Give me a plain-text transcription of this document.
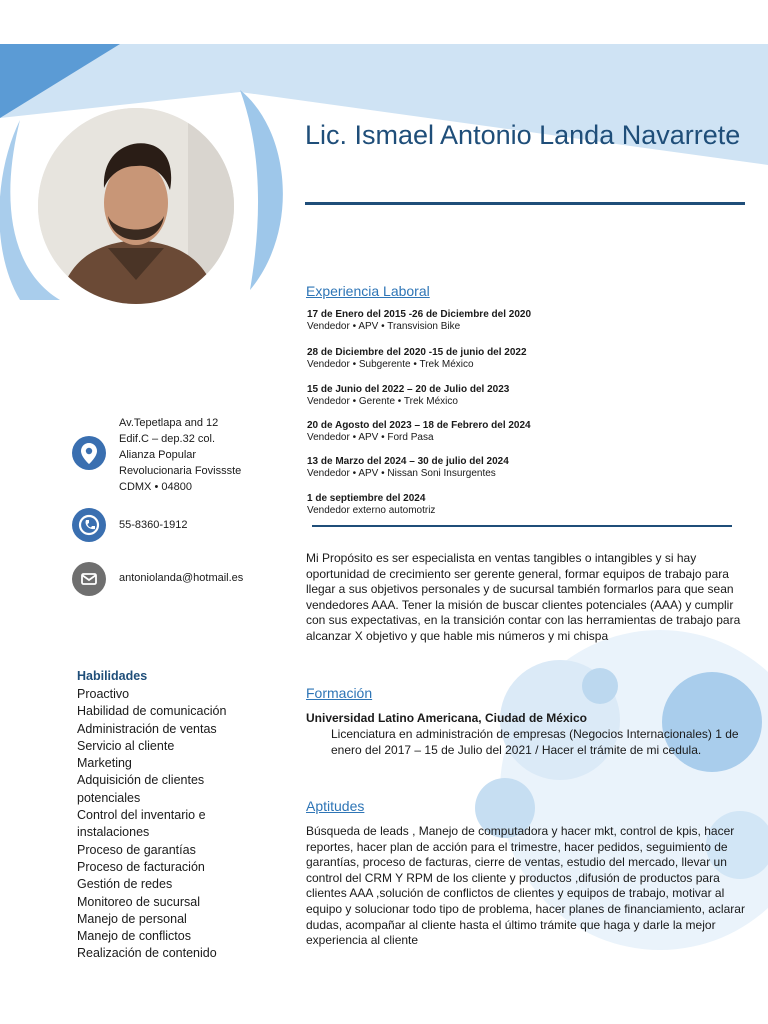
Lic. Ismael Antonio Landa Navarrete
Experiencia Laboral
17 de Enero del 2015 -26 de Diciembre del 2020
Vendedor • APV • Transvision Bike
28 de Diciembre del 2020 -15 de junio del 2022
Vendedor • Subgerente • Trek México
15 de Junio del 2022 – 20 de Julio del 2023
Vendedor • Gerente • Trek México
20 de Agosto del 2023 – 18 de Febrero del 2024
Vendedor • APV • Ford Pasa
13 de Marzo del 2024 – 30 de julio del 2024
Vendedor • APV • Nissan Soni Insurgentes
1 de septiembre del 2024
Vendedor externo automotriz
Mi Propósito es ser especialista en ventas tangibles o intangibles y si hay oportunidad de crecimiento ser gerente general, formar equipos de trabajo para llegar a sus objetivos personales y de sucursal también formarlos para que sean vendedores AAA. Tener la misión de buscar clientes potenciales (AAA) y cumplir con sus expectativas, en la transición contar con las herramientas de trabajo para alcanzar X objetivo y que hable mis números y mi chispa
Av.Tepetlapa and 12
Edif.C – dep.32 col.
Alianza Popular
Revolucionaria Fovissste
CDMX • 04800
55-8360-1912
antoniolanda@hotmail.es
Habilidades
Proactivo
Habilidad de comunicación
Administración de ventas
Servicio al cliente
Marketing
Adquisición de clientes potenciales
Control del inventario e instalaciones
Proceso de garantías
Proceso de facturación
Gestión de redes
Monitoreo de sucursal
Manejo de personal
Manejo de conflictos
Realización de contenido
Formación
Universidad Latino Americana, Ciudad de México
Licenciatura en administración de empresas (Negocios Internacionales) 1 de enero del 2017 – 15 de Julio del 2021 / Hacer el trámite de mi cedula.
Aptitudes
Búsqueda de leads , Manejo de computadora y hacer mkt, control de kpis, hacer reportes, hacer plan de acción para el trimestre, hacer pedidos, seguimiento de garantías, proceso de facturas, cierre de ventas, estudio del mercado, llevar un control del CRM Y RPM de los cliente y productos ,difusión de productos para clientes AAA ,solución de conflictos de clientes y equipos de trabajo, motivar al equipo y solucionar todo tipo de problema, hacer planes de financiamiento, aclarar dudas, acompañar al cliente hasta el último trámite que haga y darle la mejor experiencia al cliente
